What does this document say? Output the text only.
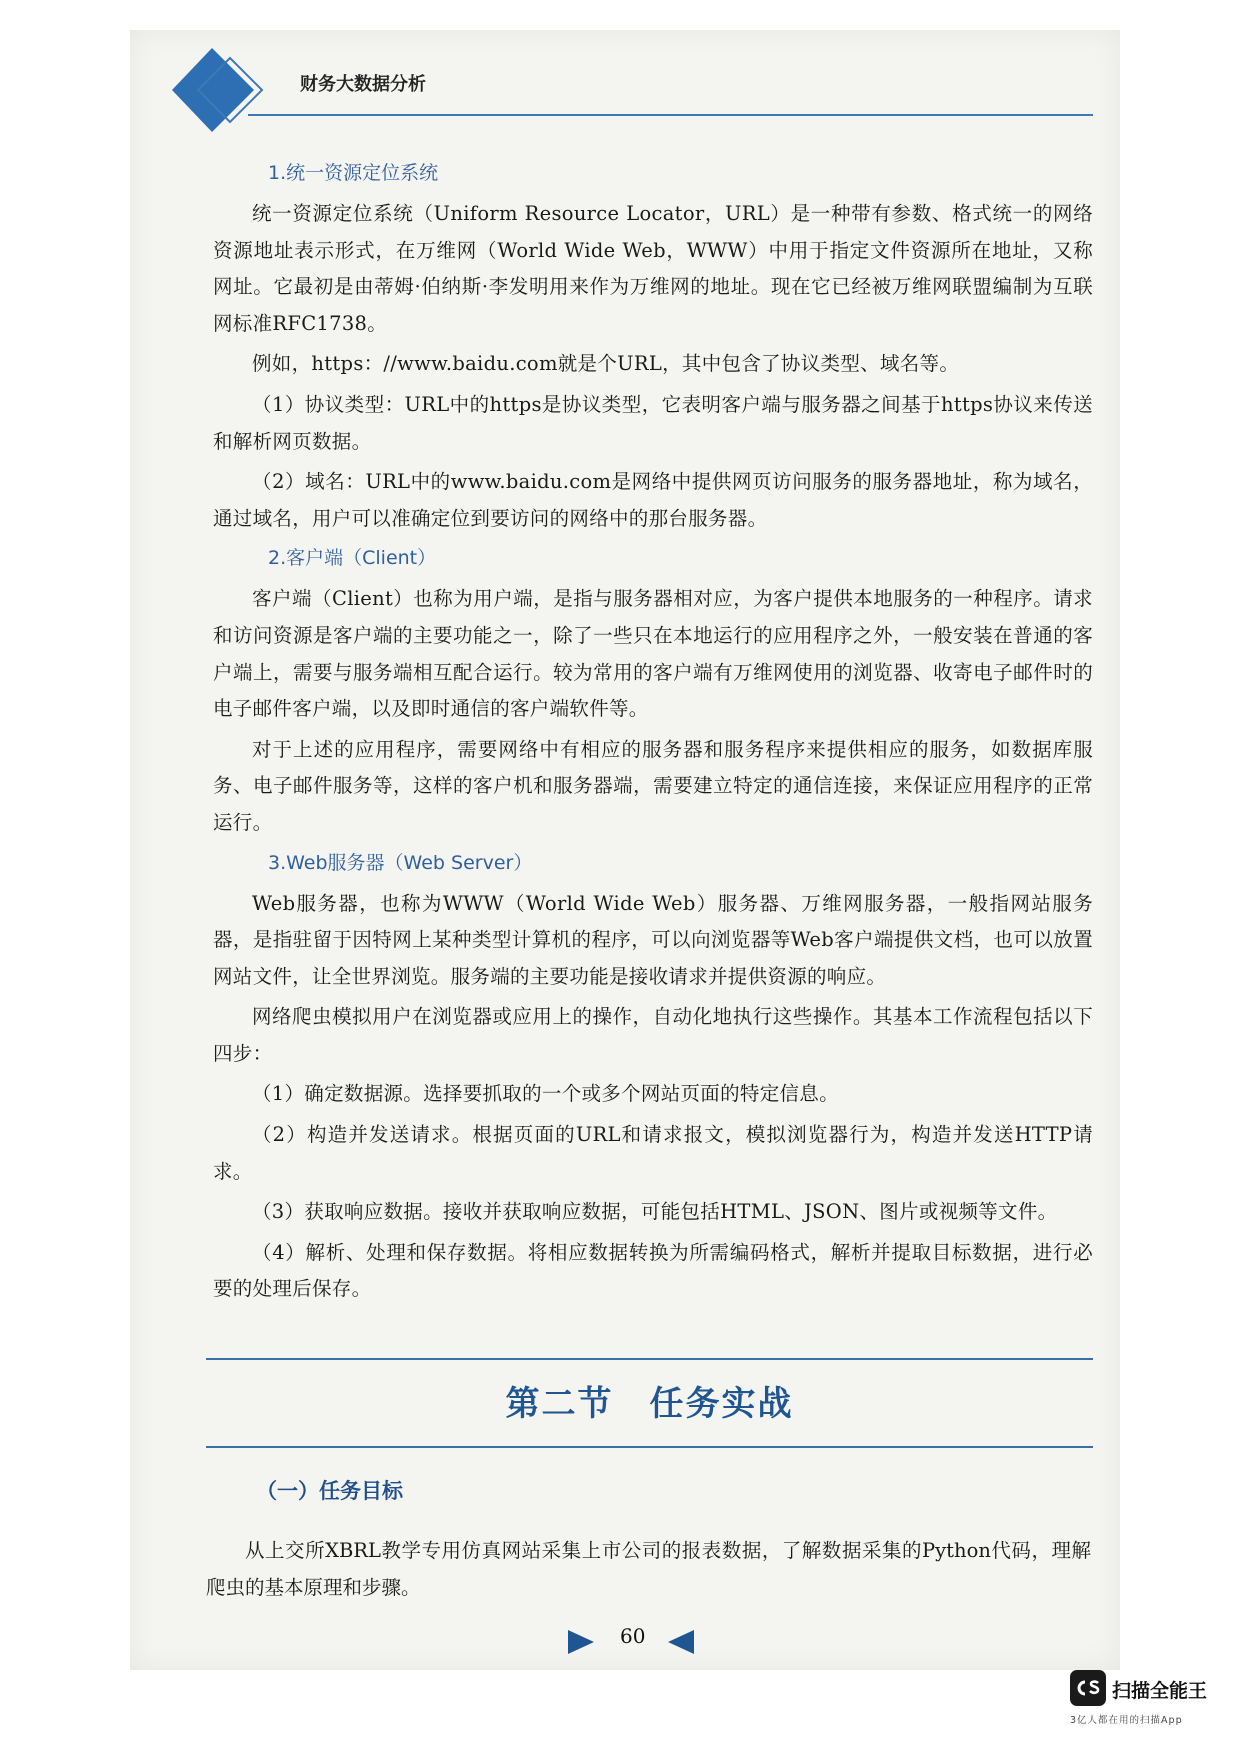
财务大数据分析
1.统一资源定位系统

统一资源定位系统（Uniform Resource Locator，URL）是一种带有参数、格式统一的网络资源地址表示形式，在万维网（World Wide Web，WWW）中用于指定文件资源所在地址，又称网址。它最初是由蒂姆·伯纳斯·李发明用来作为万维网的地址。现在它已经被万维网联盟编制为互联网标准RFC1738。

例如，https：//www.baidu.com就是个URL，其中包含了协议类型、域名等。

（1）协议类型：URL中的https是协议类型，它表明客户端与服务器之间基于https协议来传送和解析网页数据。

（2）域名：URL中的www.baidu.com是网络中提供网页访问服务的服务器地址，称为域名，通过域名，用户可以准确定位到要访问的网络中的那台服务器。

2.客户端（Client）

客户端（Client）也称为用户端，是指与服务器相对应，为客户提供本地服务的一种程序。请求和访问资源是客户端的主要功能之一，除了一些只在本地运行的应用程序之外，一般安装在普通的客户端上，需要与服务端相互配合运行。较为常用的客户端有万维网使用的浏览器、收寄电子邮件时的电子邮件客户端，以及即时通信的客户端软件等。

对于上述的应用程序，需要网络中有相应的服务器和服务程序来提供相应的服务，如数据库服务、电子邮件服务等，这样的客户机和服务器端，需要建立特定的通信连接，来保证应用程序的正常运行。

3.Web服务器（Web Server）

Web服务器，也称为WWW（World Wide Web）服务器、万维网服务器，一般指网站服务器，是指驻留于因特网上某种类型计算机的程序，可以向浏览器等Web客户端提供文档，也可以放置网站文件，让全世界浏览。服务端的主要功能是接收请求并提供资源的响应。

网络爬虫模拟用户在浏览器或应用上的操作，自动化地执行这些操作。其基本工作流程包括以下四步：

（1）确定数据源。选择要抓取的一个或多个网站页面的特定信息。

（2）构造并发送请求。根据页面的URL和请求报文，模拟浏览器行为，构造并发送HTTP请求。

（3）获取响应数据。接收并获取响应数据，可能包括HTML、JSON、图片或视频等文件。

（4）解析、处理和保存数据。将相应数据转换为所需编码格式，解析并提取目标数据，进行必要的处理后保存。

第二节　任务实战
（一）任务目标

从上交所XBRL教学专用仿真网站采集上市公司的报表数据，了解数据采集的Python代码，理解爬虫的基本原理和步骤。

60
扫描全能王
3亿人都在用的扫描App
